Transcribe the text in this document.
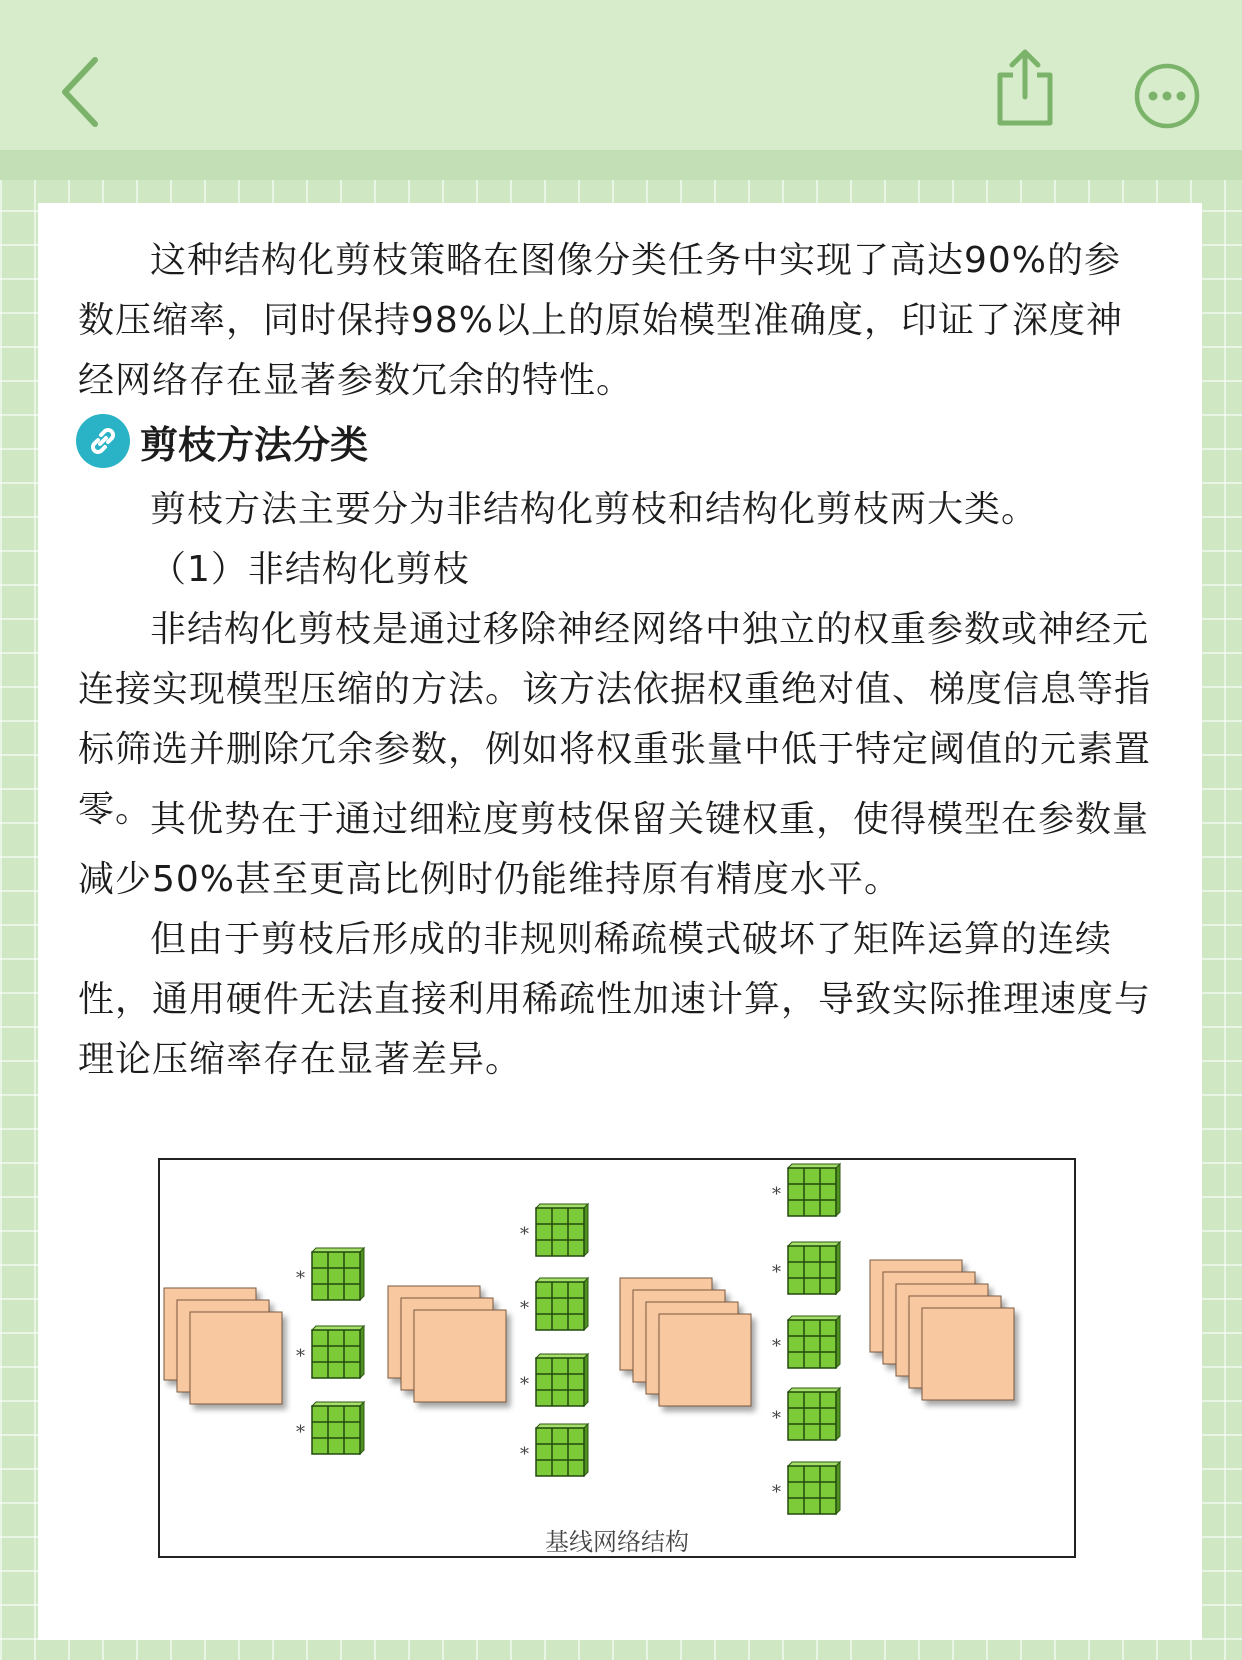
这种结构化剪枝策略在图像分类任务中实现了高达90%的参数压缩率，同时保持98%以上的原始模型准确度，印证了深度神经网络存在显著参数冗余的特性。

剪枝方法分类

剪枝方法主要分为非结构化剪枝和结构化剪枝两大类。

（1）非结构化剪枝

非结构化剪枝是通过移除神经网络中独立的权重参数或神经元连接实现模型压缩的方法。该方法依据权重绝对值、梯度信息等指标筛选并删除冗余参数，例如将权重张量中低于特定阈值的元素置零。

其优势在于通过细粒度剪枝保留关键权重，使得模型在参数量减少50%甚至更高比例时仍能维持原有精度水平。

但由于剪枝后形成的非规则稀疏模式破坏了矩阵运算的连续性，通用硬件无法直接利用稀疏性加速计算，导致实际推理速度与理论压缩率存在显著差异。

*
*
*
*
*
*
*
*
*
*
*
*
基线网络结构
